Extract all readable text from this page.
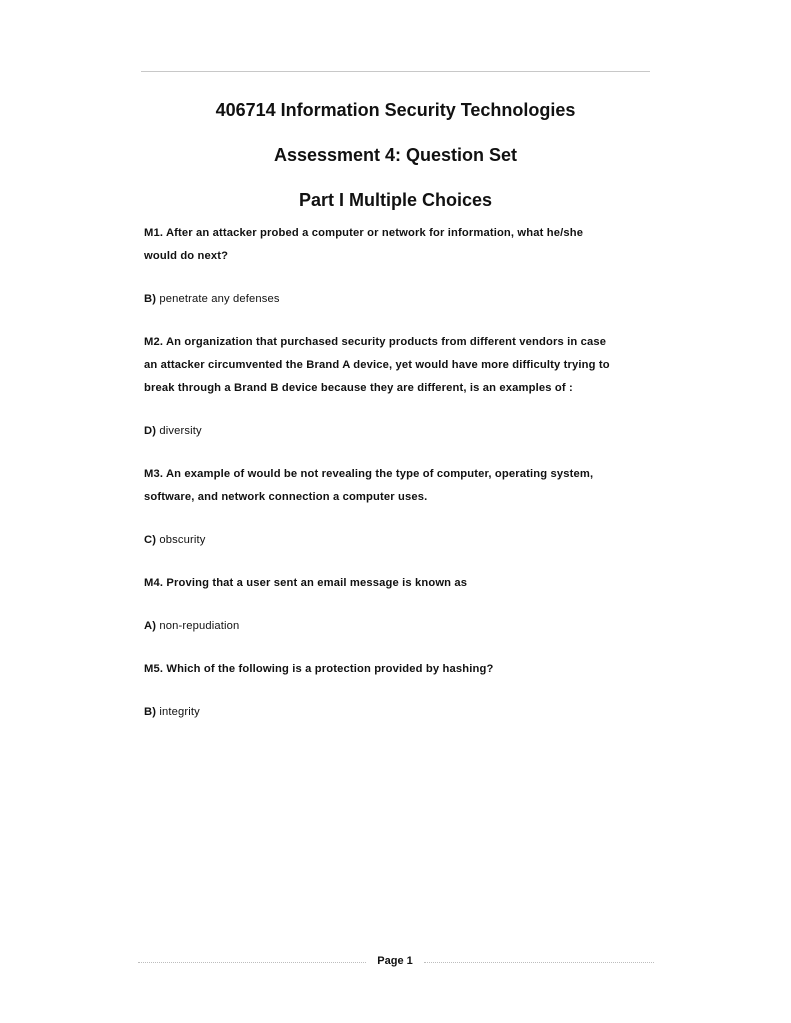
406714 Information Security Technologies
Assessment 4: Question Set
Part I Multiple Choices

M1. After an attacker probed a computer or network for information, what he/she

would do next?

B) penetrate any defenses

M2. An organization that purchased security products from different vendors in case

an attacker circumvented the Brand A device, yet would have more difficulty trying to

break through a Brand B device because they are different, is an examples of :

D) diversity

M3. An example of would be not revealing the type of computer, operating system,

software, and network connection a computer uses.

C) obscurity

M4. Proving that a user sent an email message is known as

A) non-repudiation

M5. Which of the following is a protection provided by hashing?

B) integrity

Page 1
